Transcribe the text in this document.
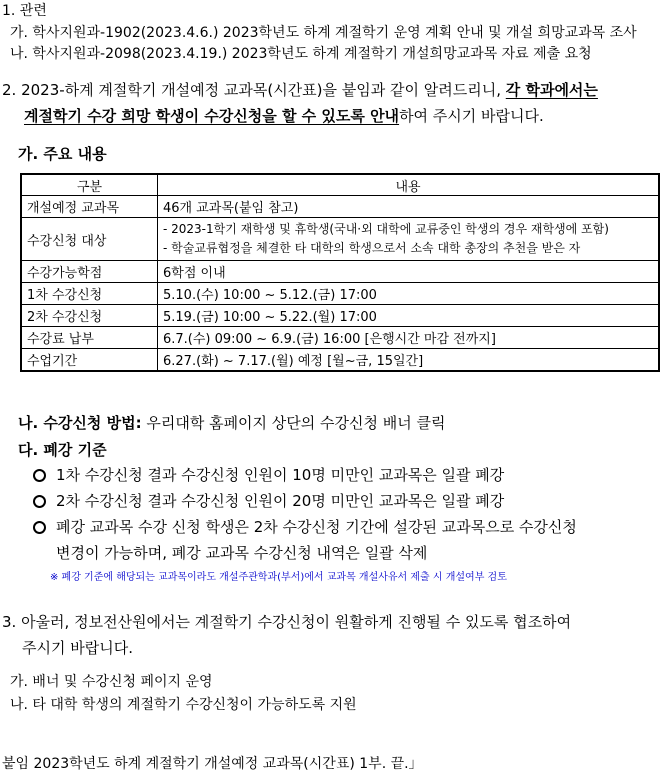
1. 관련
가. 학사지원과-1902(2023.4.6.) 2023학년도 하계 계절학기 운영 계획 안내 및 개설 희망교과목 조사
나. 학사지원과-2098(2023.4.19.) 2023학년도 하계 계절학기 개설희망교과목 자료 제출 요청
2. 2023-하계 계절학기 개설예정 교과목(시간표)을 붙임과 같이 알려드리니, 각 학과에서는
계절학기 수강 희망 학생이 수강신청을 할 수 있도록 안내하여 주시기 바랍니다.
가. 주요 내용
구분	내용
개설예정 교과목	46개 교과목(붙임 참고)
수강신청 대상	- 2023-1학기 재학생 및 휴학생(국내·외 대학에 교류중인 학생의 경우 재학생에 포함)
- 학술교류협정을 체결한 타 대학의 학생으로서 소속 대학 총장의 추천을 받은 자

수강가능학점	6학점 이내
1차 수강신청	5.10.(수) 10:00 ~ 5.12.(금) 17:00
2차 수강신청	5.19.(금) 10:00 ~ 5.22.(월) 17:00
수강료 납부	6.7.(수) 09:00 ~ 6.9.(금) 16:00 [은행시간 마감 전까지]
수업기간	6.27.(화) ~ 7.17.(월) 예정 [월~금, 15일간]
나. 수강신청 방법: 우리대학 홈페이지 상단의 수강신청 배너 클릭
다. 폐강 기준
1차 수강신청 결과 수강신청 인원이 10명 미만인 교과목은 일괄 폐강
2차 수강신청 결과 수강신청 인원이 20명 미만인 교과목은 일괄 폐강
폐강 교과목 수강 신청 학생은 2차 수강신청 기간에 설강된 교과목으로 수강신청
변경이 가능하며, 폐강 교과목 수강신청 내역은 일괄 삭제
※ 폐강 기준에 해당되는 교과목이라도 개설주관학과(부서)에서 교과목 개설사유서 제출 시 개설여부 검토
3. 아울러, 정보전산원에서는 계절학기 수강신청이 원활하게 진행될 수 있도록 협조하여
주시기 바랍니다.
가. 배너 및 수강신청 페이지 운영
나. 타 대학 학생의 계절학기 수강신청이 가능하도록 지원
붙임 2023학년도 하계 계절학기 개설예정 교과목(시간표) 1부. 끝.」
